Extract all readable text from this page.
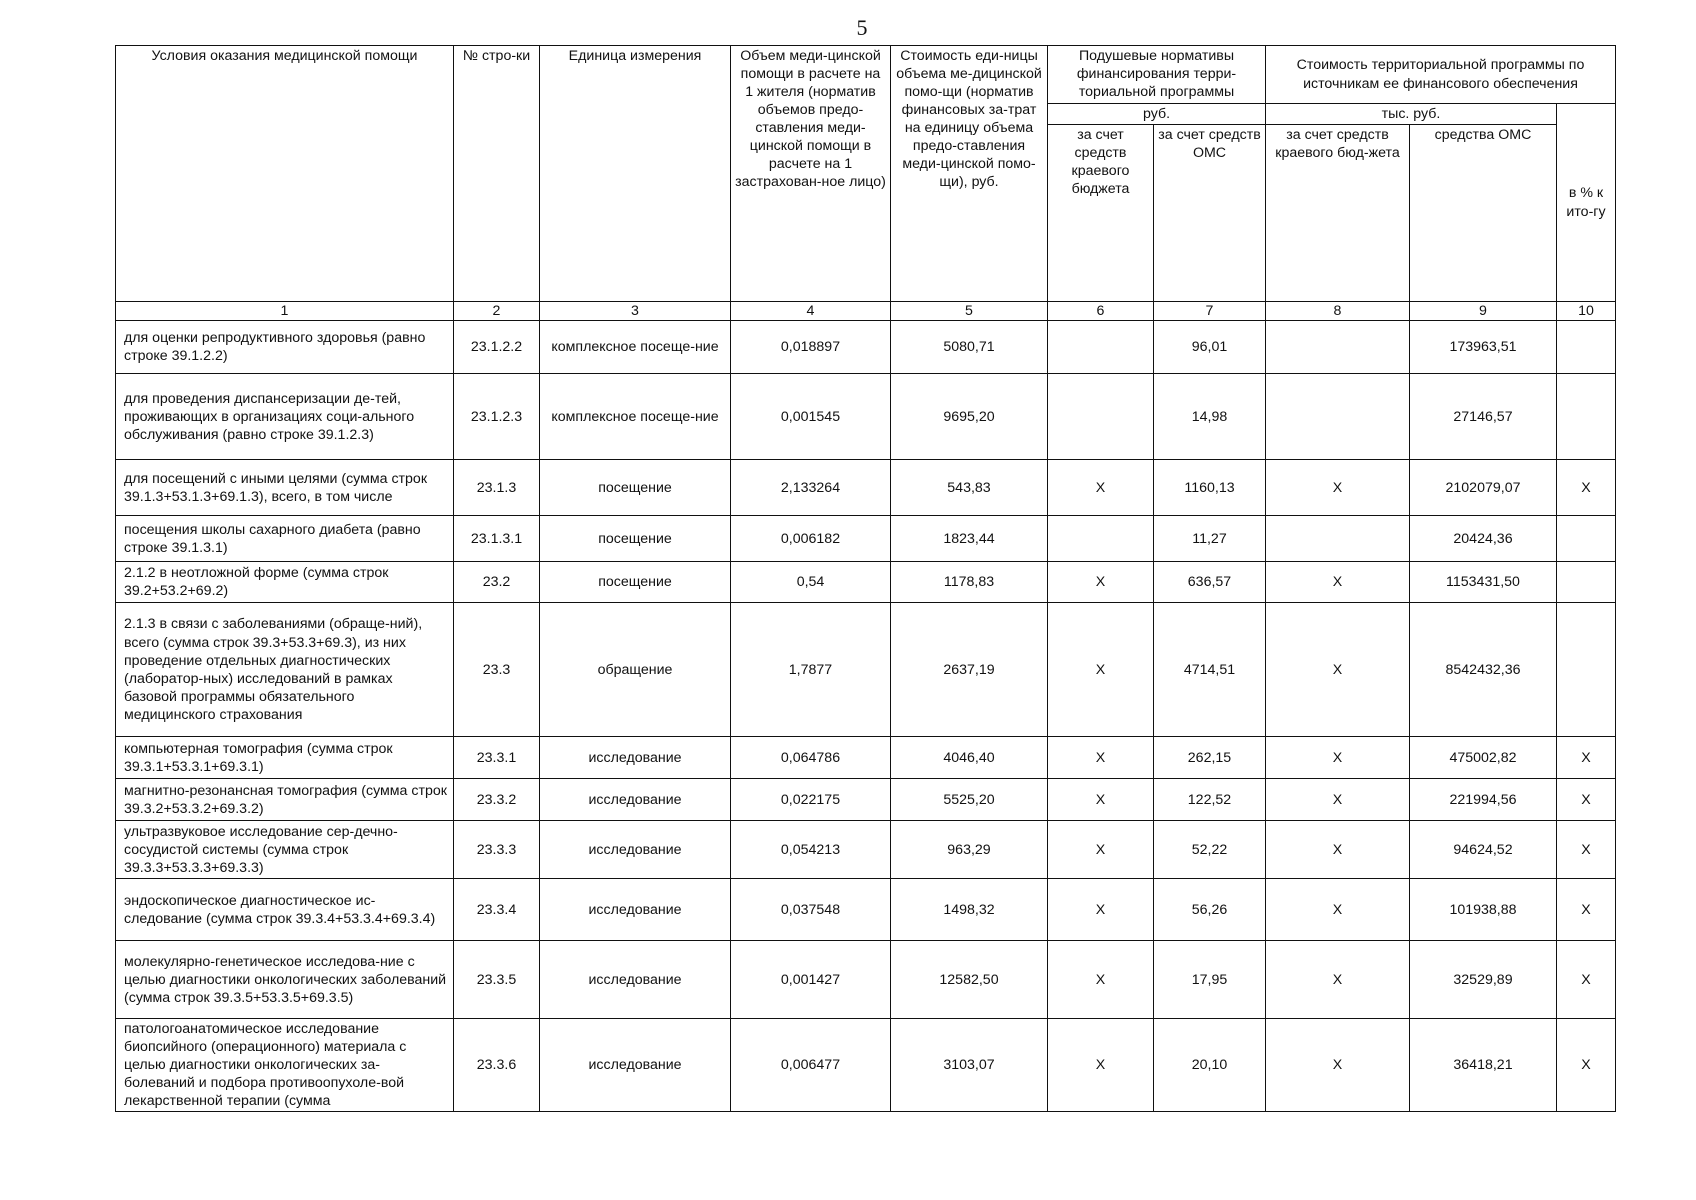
5
Условия оказания медицинской помощи	№ стро-ки	Единица измерения	Объем меди-цинской помощи в расчете на 1 жителя (норматив объемов предо-ставления меди-цинской помощи в расчете на 1 застрахован-ное лицо)	Стоимость еди-ницы объема ме-дицинской помо-щи (норматив финансовых за-трат на единицу объема предо-ставления меди-цинской помо-щи), руб.	Подушевые нормативы финансирования терри-ториальной программы		Стоимость территориальной программы по источникам ее финансового обеспечения		
					руб.		тыс. руб.		в % к ито-гу
					за счет средств краевого бюджета	за счет средств ОМС	за счет средств краевого бюд-жета	средства ОМС	
1	2	3	4	5	6	7	8	9	10
для оценки репродуктивного здоровья (равно строке 39.1.2.2)	23.1.2.2	комплексное посеще-ние	0,018897	5080,71		96,01		173963,51	
для проведения диспансеризации де-тей, проживающих в организациях соци-ального обслуживания (равно строке 39.1.2.3)	23.1.2.3	комплексное посеще-ние	0,001545	9695,20		14,98		27146,57	
для посещений с иными целями (сумма строк 39.1.3+53.1.3+69.1.3), всего, в том числе	23.1.3	посещение	2,133264	543,83	X	1160,13	X	2102079,07	X
посещения школы сахарного диабета (равно строке 39.1.3.1)	23.1.3.1	посещение	0,006182	1823,44		11,27		20424,36	
2.1.2 в неотложной форме (сумма строк 39.2+53.2+69.2)	23.2	посещение	0,54	1178,83	X	636,57	X	1153431,50	
2.1.3 в связи с заболеваниями (обраще-ний), всего (сумма строк 39.3+53.3+69.3), из них проведение отдельных диагностических (лаборатор-ных) исследований в рамках базовой программы обязательного медицинского страхования	23.3	обращение	1,7877	2637,19	X	4714,51	X	8542432,36	
компьютерная томография (сумма строк 39.3.1+53.3.1+69.3.1)	23.3.1	исследование	0,064786	4046,40	X	262,15	X	475002,82	X
магнитно-резонансная томография (сумма строк 39.3.2+53.3.2+69.3.2)	23.3.2	исследование	0,022175	5525,20	X	122,52	X	221994,56	X
ультразвуковое исследование сер-дечно-сосудистой системы (сумма строк 39.3.3+53.3.3+69.3.3)	23.3.3	исследование	0,054213	963,29	X	52,22	X	94624,52	X
эндоскопическое диагностическое ис-следование (сумма строк 39.3.4+53.3.4+69.3.4)	23.3.4	исследование	0,037548	1498,32	X	56,26	X	101938,88	X
молекулярно-генетическое исследова-ние с целью диагностики онкологических заболеваний (сумма строк 39.3.5+53.3.5+69.3.5)	23.3.5	исследование	0,001427	12582,50	X	17,95	X	32529,89	X
патологоанатомическое исследование биопсийного (операционного) материала с целью диагностики онкологических за-болеваний и подбора противоопухоле-вой лекарственной терапии (сумма	23.3.6	исследование	0,006477	3103,07	X	20,10	X	36418,21	X
